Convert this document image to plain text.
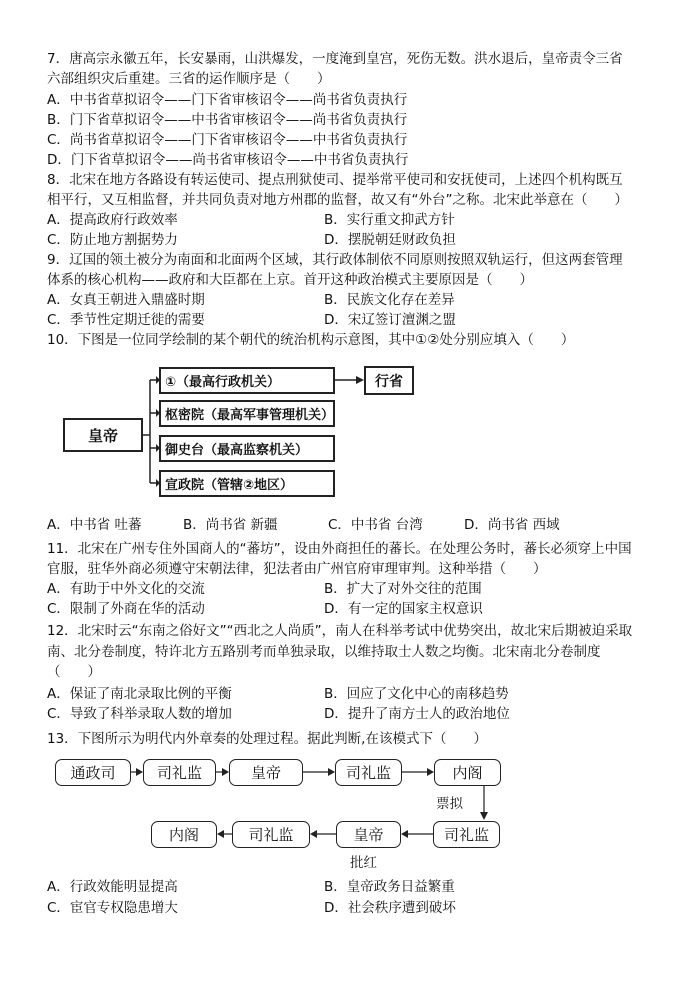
7．唐高宗永徽五年，长安暴雨，山洪爆发，一度淹到皇宫，死伤无数。洪水退后，皇帝责令三省
六部组织灾后重建。三省的运作顺序是（　　）
A．中书省草拟诏令——门下省审核诏令——尚书省负责执行
B．门下省草拟诏令——中书省审核诏令——尚书省负责执行
C．尚书省草拟诏令——门下省审核诏令——中书省负责执行
D．门下省草拟诏令——尚书省审核诏令——中书省负责执行
8．北宋在地方各路设有转运使司、提点刑狱使司、提举常平使司和安抚使司，上述四个机构既互
相平行，又互相监督，并共同负责对地方州郡的监督，故又有“外台”之称。北宋此举意在（　　）
A．提高政府行政效率	B．实行重文抑武方针
C．防止地方割据势力	D．摆脱朝廷财政负担
9．辽国的领土被分为南面和北面两个区域，其行政体制依不同原则按照双轨运行，但这两套管理
体系的核心机构——政府和大臣都在上京。首开这种政治模式主要原因是（　　）
A．女真王朝进入鼎盛时期	B．民族文化存在差异
C．季节性定期迁徙的需要	D．宋辽签订澶渊之盟
10．下图是一位同学绘制的某个朝代的统治机构示意图，其中①②处分别应填入（　　）
皇帝
①（最高行政机关）
枢密院（最高军事管理机关）
御史台（最高监察机关）
宣政院（管辖②地区）
行省
A．中书省 吐蕃	B．尚书省 新疆	C．中书省 台湾	D．尚书省 西域
11．北宋在广州专住外国商人的“蕃坊”，设由外商担任的蕃长。在处理公务时，蕃长必须穿上中国
官服，驻华外商必须遵守宋朝法律，犯法者由广州官府审理审判。这种举措（　　）
A．有助于中外文化的交流	B．扩大了对外交往的范围
C．限制了外商在华的活动	D．有一定的国家主权意识
12．北宋时云“东南之俗好文”“西北之人尚质”，南人在科举考试中优势突出，故北宋后期被迫采取
南、北分卷制度，特许北方五路别考而单独录取，以维持取士人数之均衡。北宋南北分卷制度
（　　）
A．保证了南北录取比例的平衡	B．回应了文化中心的南移趋势
C．导致了科举录取人数的增加	D．提升了南方士人的政治地位
13．下图所示为明代内外章奏的处理过程。据此判断,在该模式下（　　）
通政司	司礼监	皇帝	司礼监	内阁
票拟
内阁	司礼监	皇帝	司礼监
批红
A．行政效能明显提高	B．皇帝政务日益繁重
C．宦官专权隐患增大	D．社会秩序遭到破坏
